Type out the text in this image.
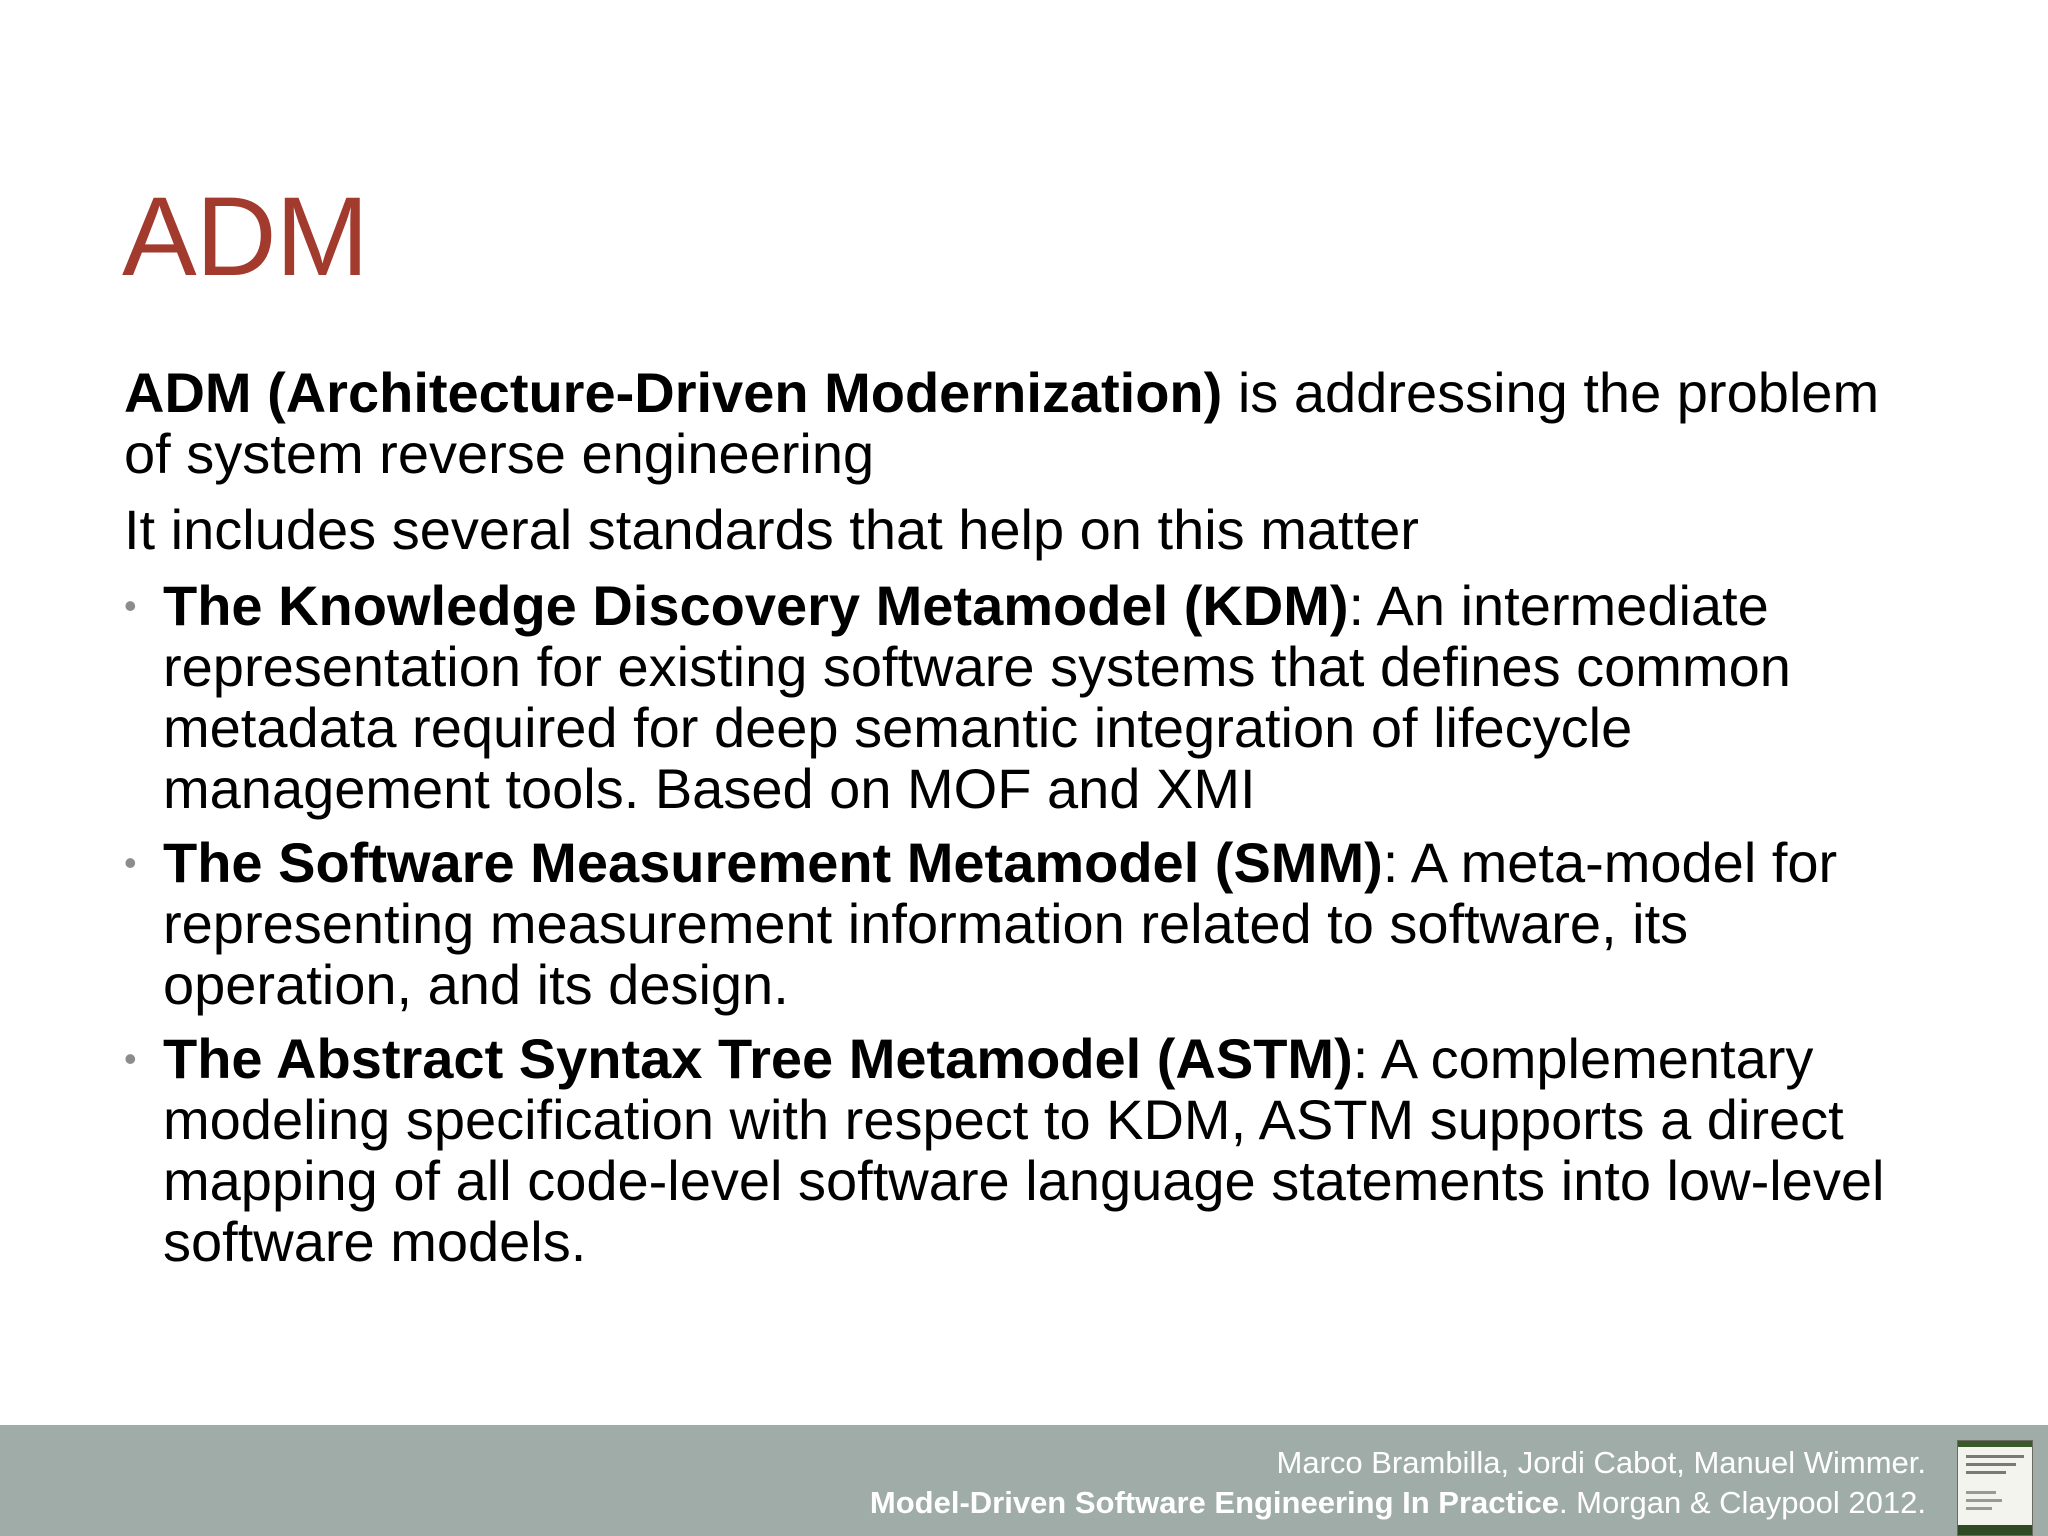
ADM

ADM (Architecture-Driven Modernization) is addressing the problem of system reverse engineering

It includes several standards that help on this matter

• The Knowledge Discovery Metamodel (KDM): An intermediate representation for existing software systems that defines common metadata required for deep semantic integration of lifecycle management tools. Based on MOF and XMI
• The Software Measurement Metamodel (SMM): A meta-model for representing measurement information related to software, its operation, and its design.
• The Abstract Syntax Tree Metamodel (ASTM): A complementary modeling specification with respect to KDM, ASTM supports a direct mapping of all code-level software language statements into low-level software models.
Marco Brambilla, Jordi Cabot, Manuel Wimmer.
Model-Driven Software Engineering In Practice. Morgan & Claypool 2012.
